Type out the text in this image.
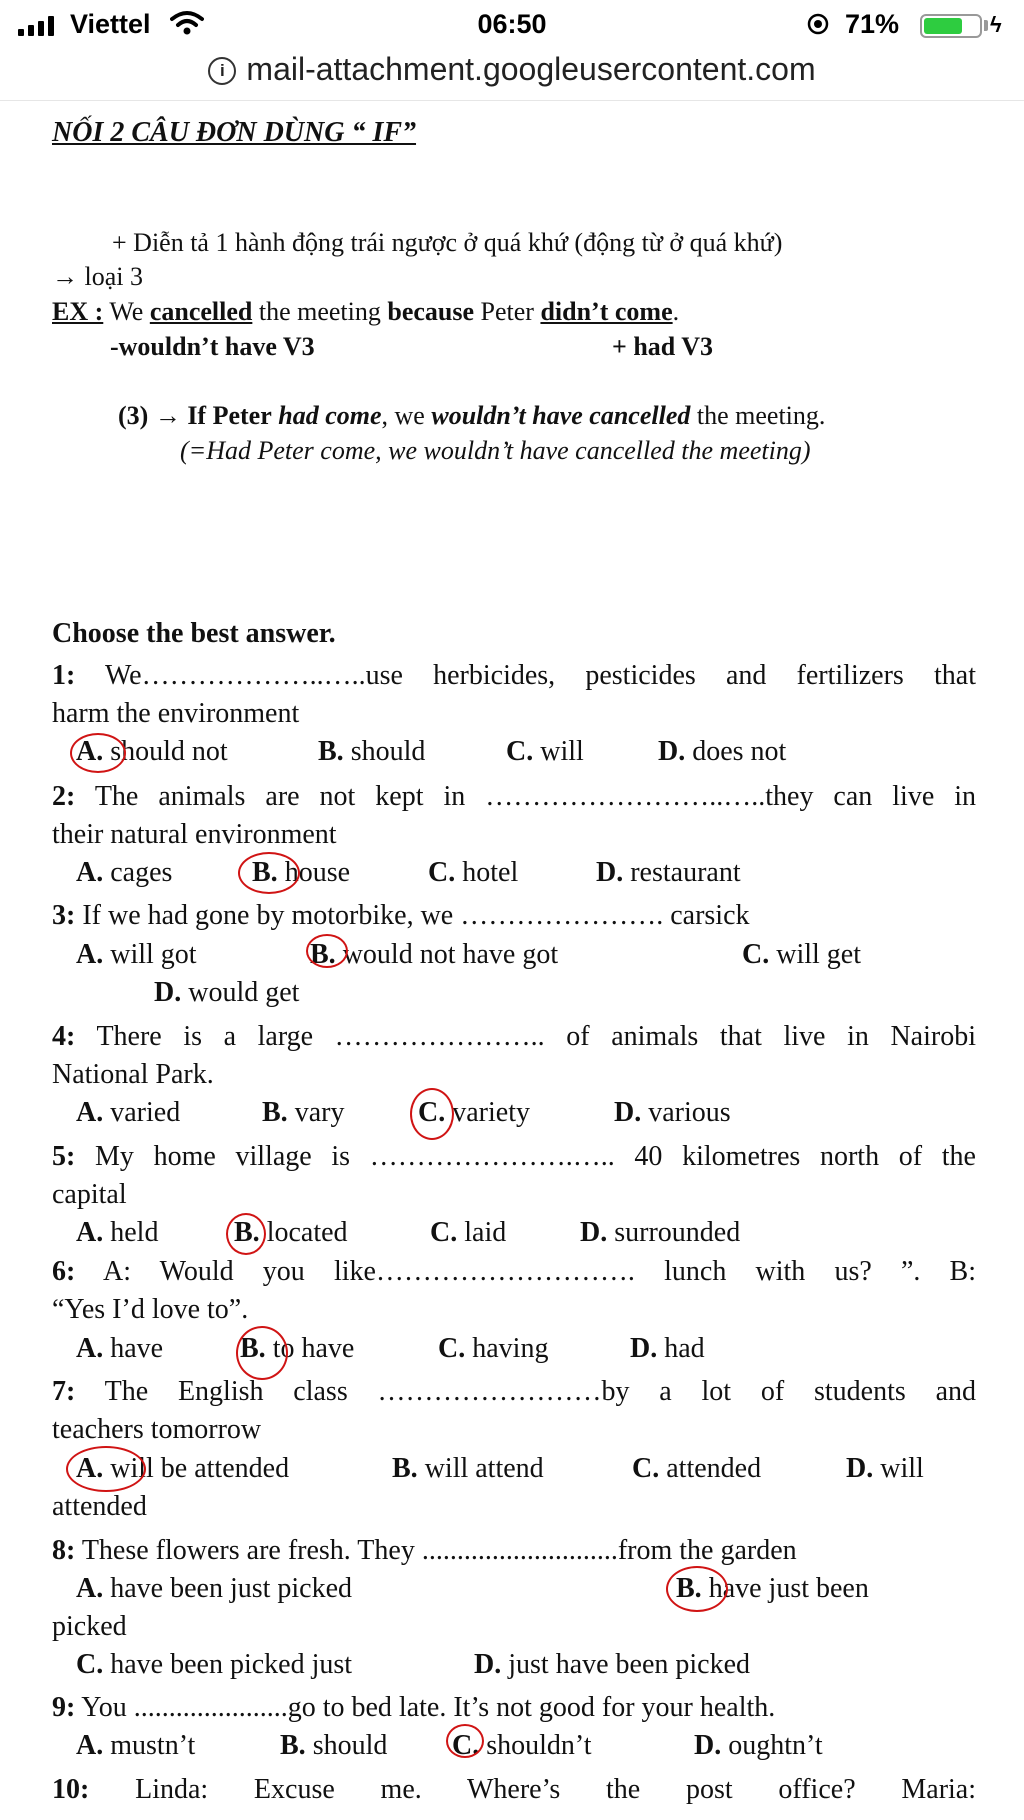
Viettel	06:50	71%	ϟ
i mail-attachment.googleusercontent.com
NỐI 2 CÂU ĐƠN DÙNG “ IF”
+ Diễn tả 1 hành động trái ngược ở quá khứ (động từ ở quá khứ)
→ loại 3
EX : We cancelled the meeting because Peter didn’t come.
-wouldn’t have V3	+ had V3
(3) → If Peter had come, we wouldn’t have cancelled the meeting.
(=Had Peter come, we wouldn’t have cancelled the meeting)
Choose the best answer.
1: We………………..…..use herbicides, pesticides and fertilizers that
harm the environment
A. should not	B. should	C. will	D. does not
2: The animals are not kept in ……………………..…..they can live in
their natural environment
A. cages	B. house	C. hotel	D. restaurant
3: If we had gone by motorbike, we …………………. carsick
A. will got	B. would not have got	C. will get
D. would get
4: There is a large ………………….. of animals that live in Nairobi
National Park.
A. varied	B. vary	C. variety	D. various
5: My home village is ………………….….. 40 kilometres north of the
capital
A. held	B. located	C. laid	D. surrounded
6: A: Would you like………………………. lunch with us? ”. B:
“Yes I’d love to”.
A. have	B. to have	C. having	D. had
7: The English class ……………………by a lot of students and
teachers tomorrow
A. will be attended	B. will attend	C. attended	D. will
attended
8: These flowers are fresh. They ............................from the garden
A. have been just picked	B. have just been
picked
C. have been picked just	D. just have been picked
9: You ......................go to bed late. It’s not good for your health.
A. mustn’t	B. should C. shouldn’t	D. oughtn’t
10: Linda: Excuse me. Where’s the post office? Maria:
